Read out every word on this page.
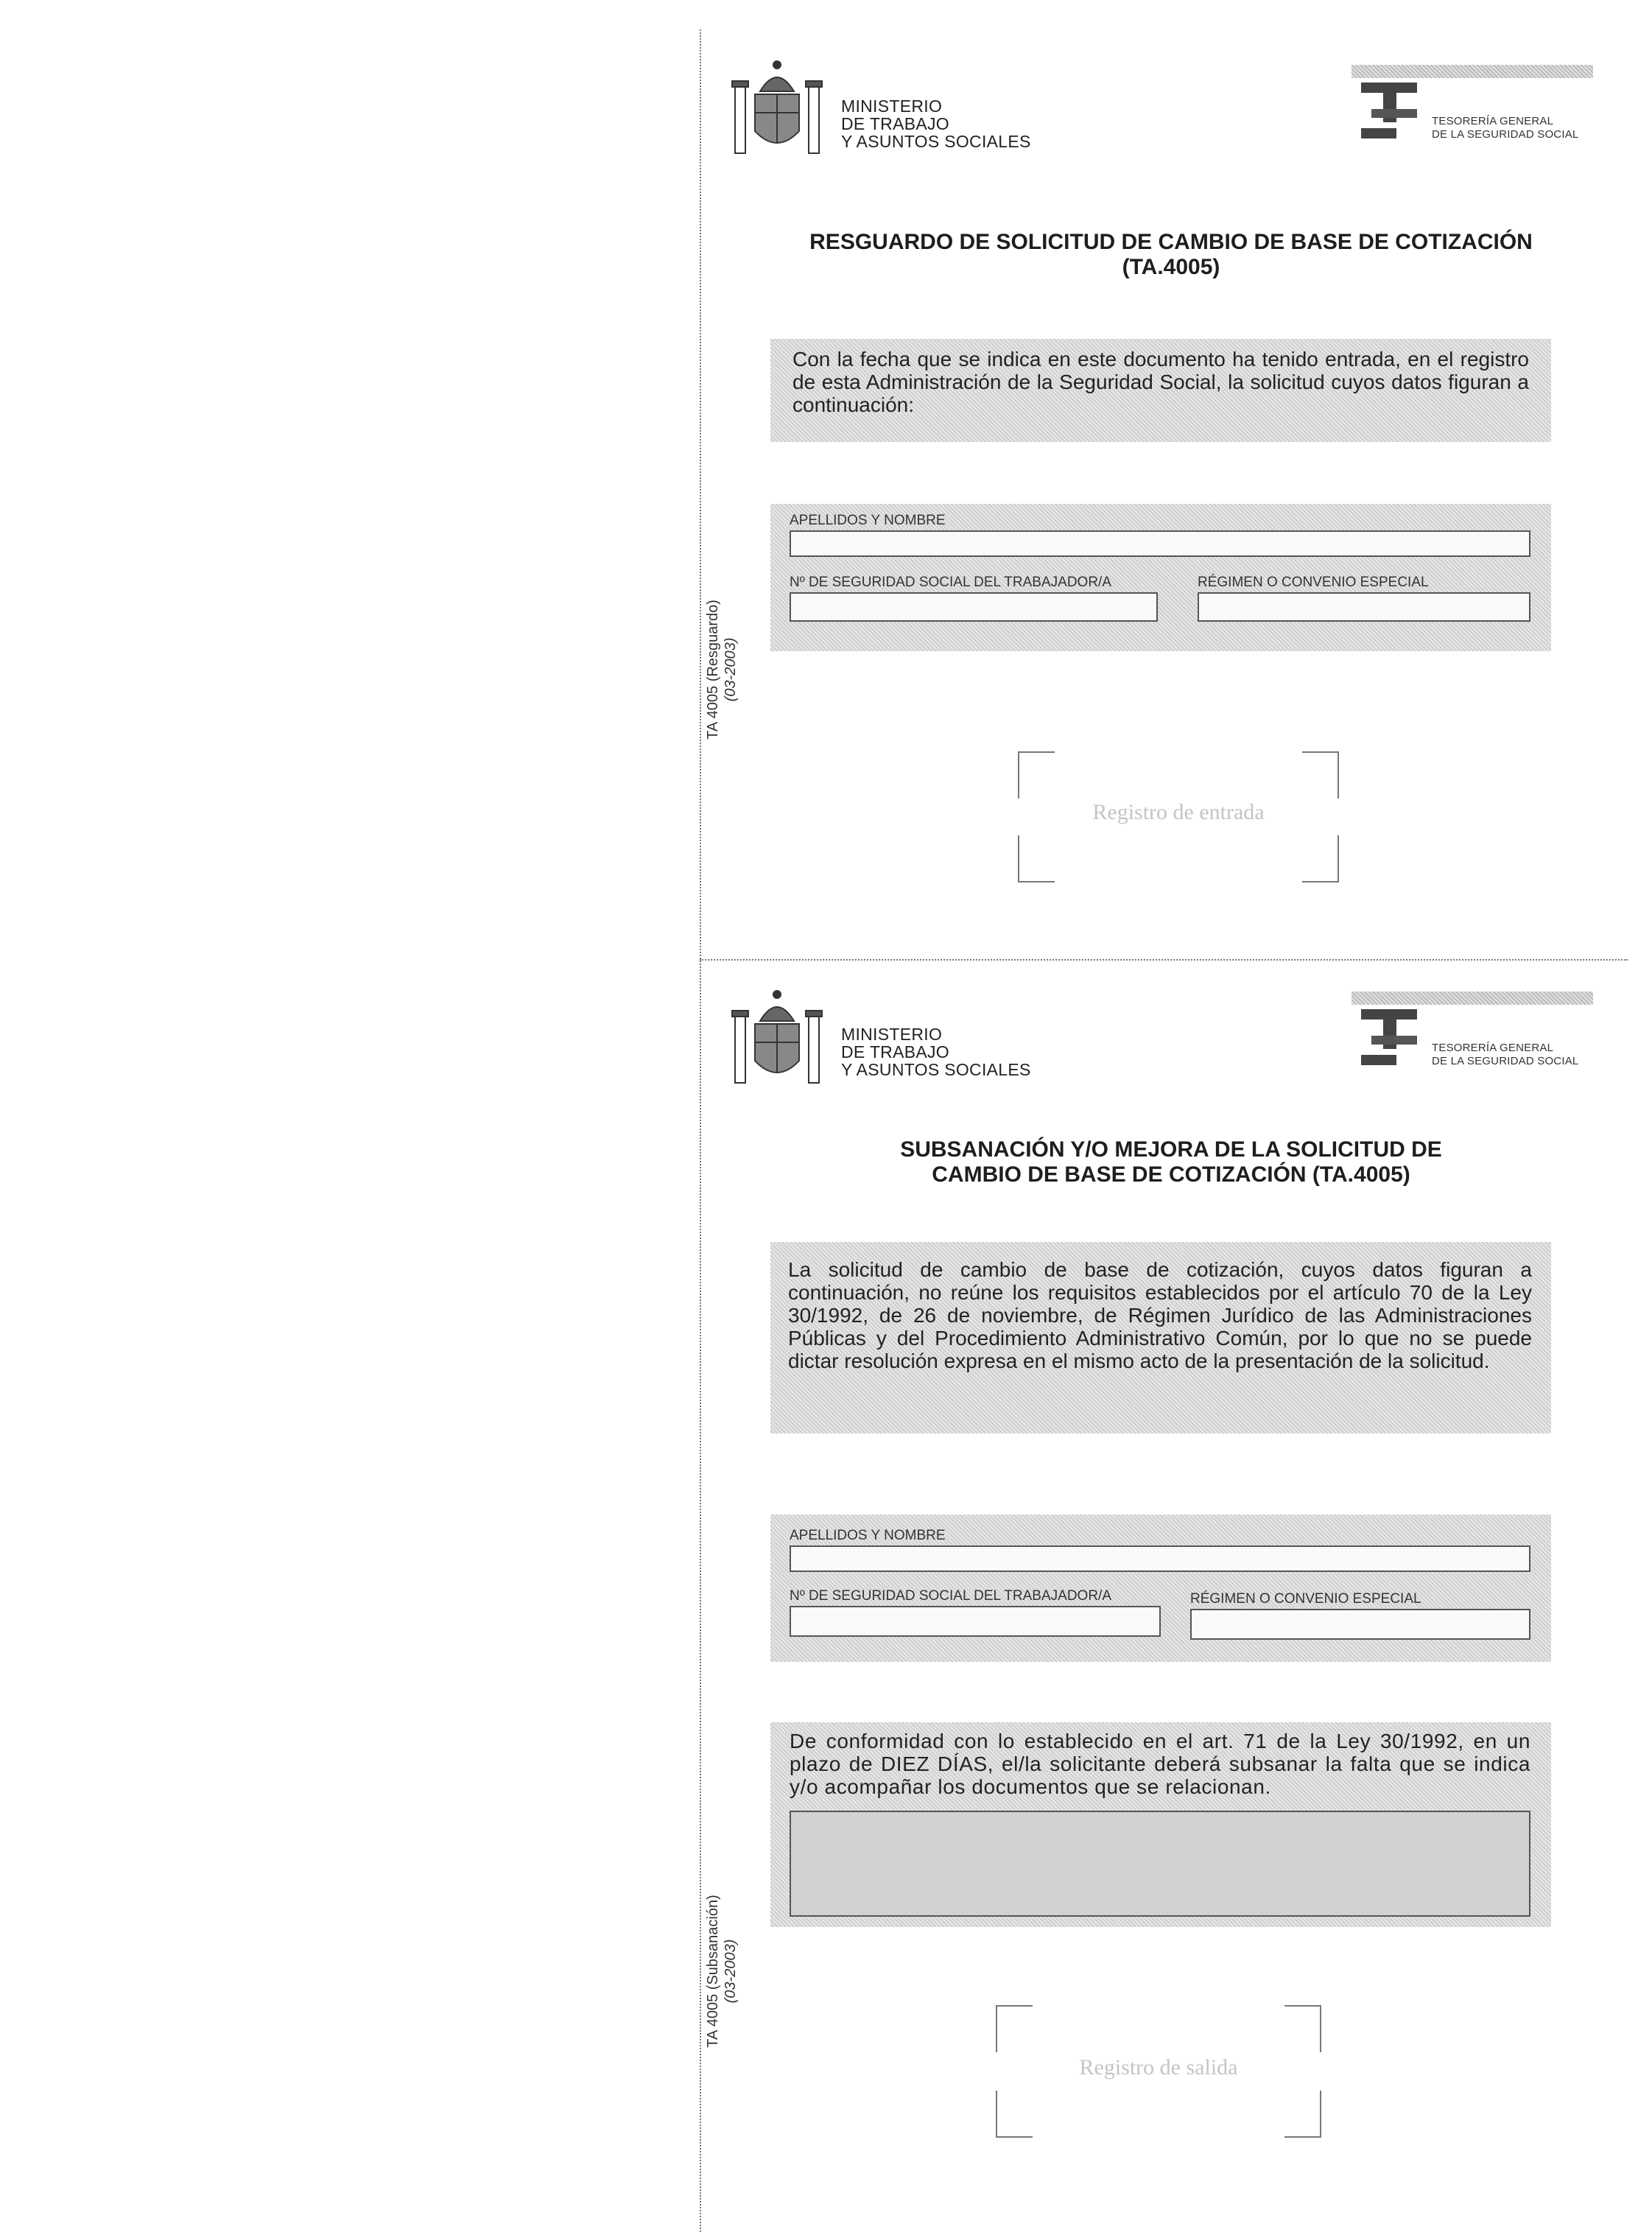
TA 4005 (Resguardo) (03-2003)
MINISTERIO
DE TRABAJO
Y ASUNTOS SOCIALES
TESORERÍA GENERAL
DE LA SEGURIDAD SOCIAL
RESGUARDO DE SOLICITUD DE CAMBIO DE BASE DE COTIZACIÓN
(TA.4005)
Con la fecha que se indica en este documento ha tenido entrada, en el registro de esta Administración de la Seguridad Social, la solicitud cuyos datos figuran a continuación:
APELLIDOS Y NOMBRE
Nº DE SEGURIDAD SOCIAL DEL TRABAJADOR/A	RÉGIMEN O CONVENIO ESPECIAL
Registro de entrada
TA 4005 (Subsanación) (03-2003)
MINISTERIO
DE TRABAJO
Y ASUNTOS SOCIALES
TESORERÍA GENERAL
DE LA SEGURIDAD SOCIAL
SUBSANACIÓN Y/O MEJORA DE LA SOLICITUD DE
CAMBIO DE BASE DE COTIZACIÓN (TA.4005)
La solicitud de cambio de base de cotización, cuyos datos figuran a continuación, no reúne los requisitos establecidos por el artículo 70 de la Ley 30/1992, de 26 de noviembre, de Régimen Jurídico de las Administraciones Públicas y del Procedimiento Administrativo Común, por lo que no se puede dictar resolución expresa en el mismo acto de la presentación de la solicitud.
APELLIDOS Y NOMBRE
Nº DE SEGURIDAD SOCIAL DEL TRABAJADOR/A	RÉGIMEN O CONVENIO ESPECIAL
De conformidad con lo establecido en el art. 71 de la Ley 30/1992, en un plazo de DIEZ DÍAS, el/la solicitante deberá subsanar la falta que se indica y/o acompañar los documentos que se relacionan.
Registro de salida
